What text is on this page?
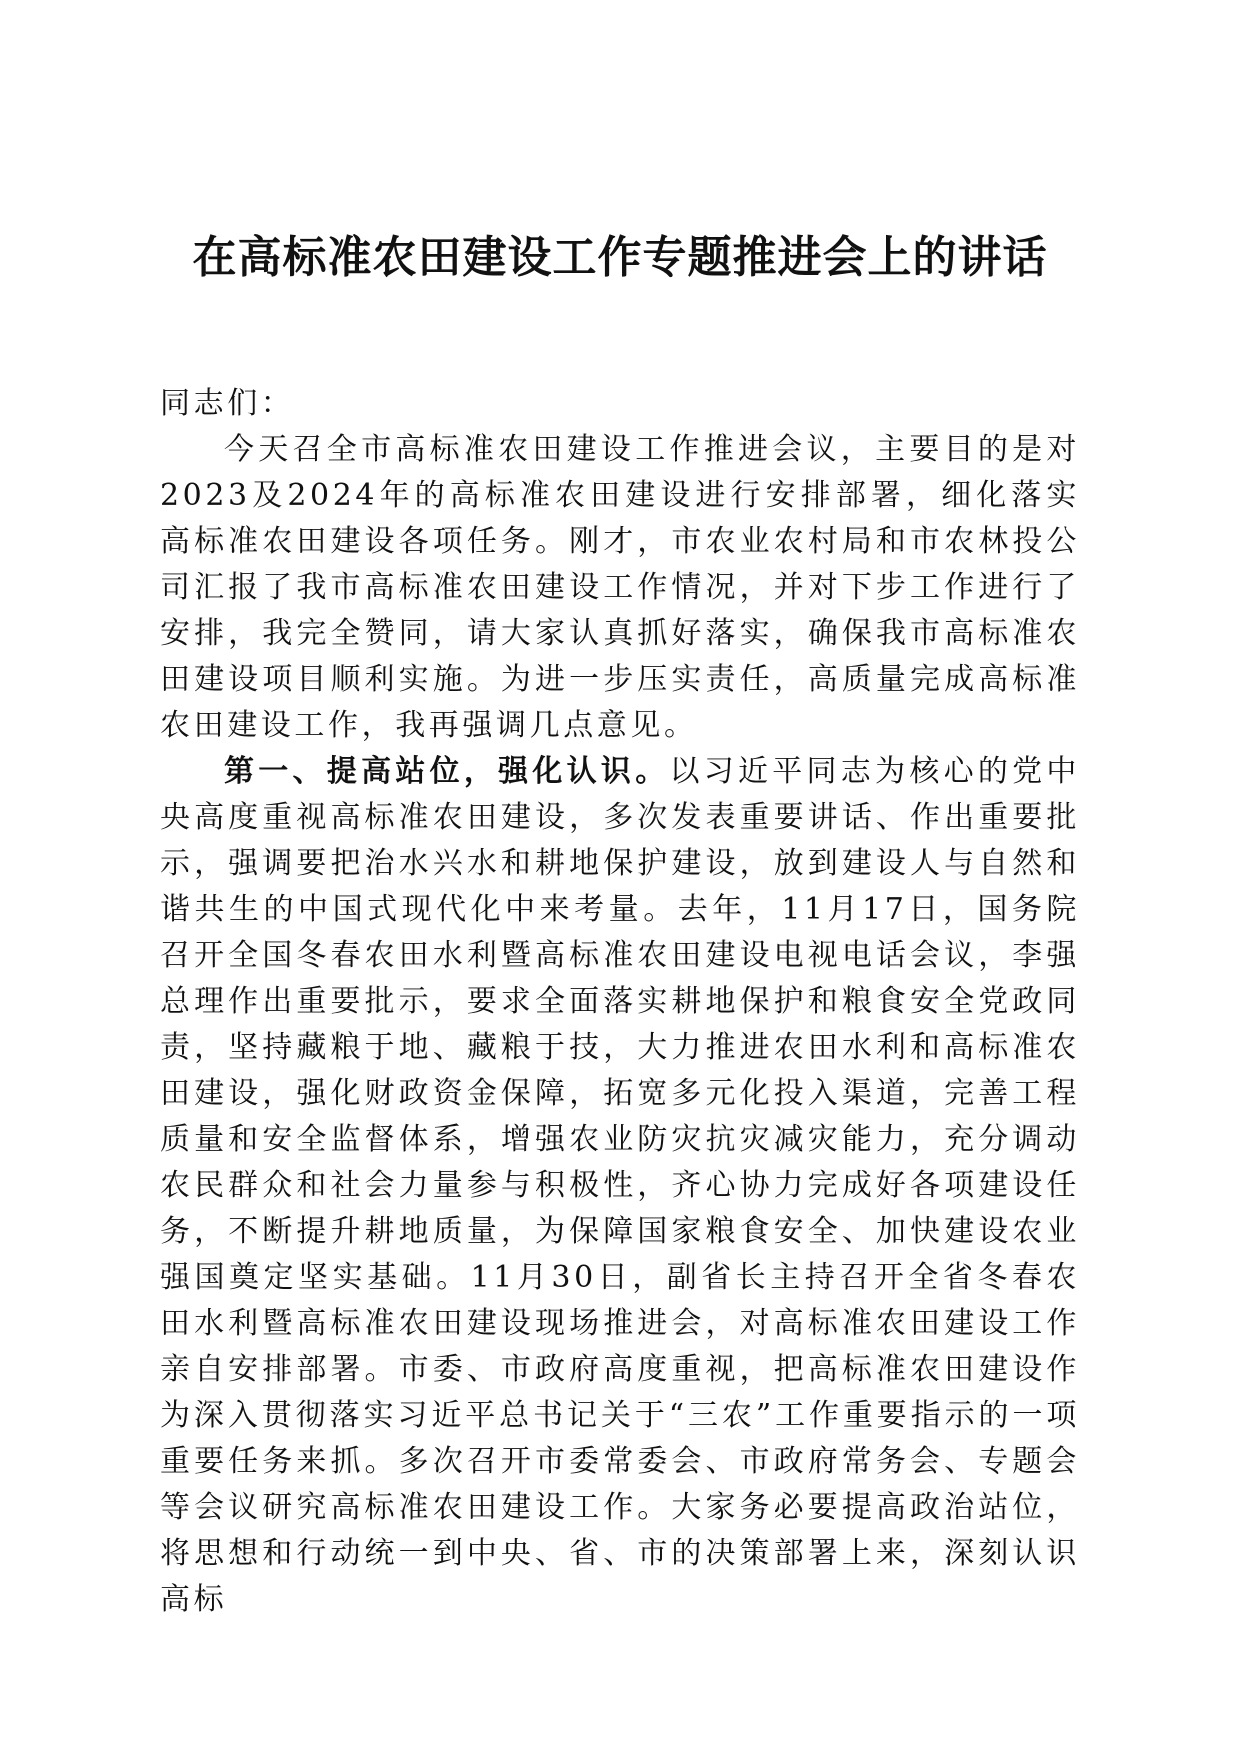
在高标准农田建设工作专题推进会上的讲话

同志们：

今天召全市高标准农田建设工作推进会议，主要目的是对2023及2024年的高标准农田建设进行安排部署，细化落实高标准农田建设各项任务。刚才，市农业农村局和市农林投公司汇报了我市高标准农田建设工作情况，并对下步工作进行了安排，我完全赞同，请大家认真抓好落实，确保我市高标准农田建设项目顺利实施。为进一步压实责任，高质量完成高标准农田建设工作，我再强调几点意见。

第一、提高站位，强化认识。以习近平同志为核心的党中央高度重视高标准农田建设，多次发表重要讲话、作出重要批示，强调要把治水兴水和耕地保护建设，放到建设人与自然和谐共生的中国式现代化中来考量。去年，11月17日，国务院召开全国冬春农田水利暨高标准农田建设电视电话会议，李强总理作出重要批示，要求全面落实耕地保护和粮食安全党政同责，坚持藏粮于地、藏粮于技，大力推进农田水利和高标准农田建设，强化财政资金保障，拓宽多元化投入渠道，完善工程质量和安全监督体系，增强农业防灾抗灾减灾能力，充分调动农民群众和社会力量参与积极性，齐心协力完成好各项建设任务，不断提升耕地质量，为保障国家粮食安全、加快建设农业强国奠定坚实基础。11月30日，副省长主持召开全省冬春农田水利暨高标准农田建设现场推进会，对高标准农田建设工作亲自安排部署。市委、市政府高度重视，把高标准农田建设作为深入贯彻落实习近平总书记关于“三农”工作重要指示的一项重要任务来抓。多次召开市委常委会、市政府常务会、专题会等会议研究高标准农田建设工作。大家务必要提高政治站位，将思想和行动统一到中央、省、市的决策部署上来，深刻认识高标
